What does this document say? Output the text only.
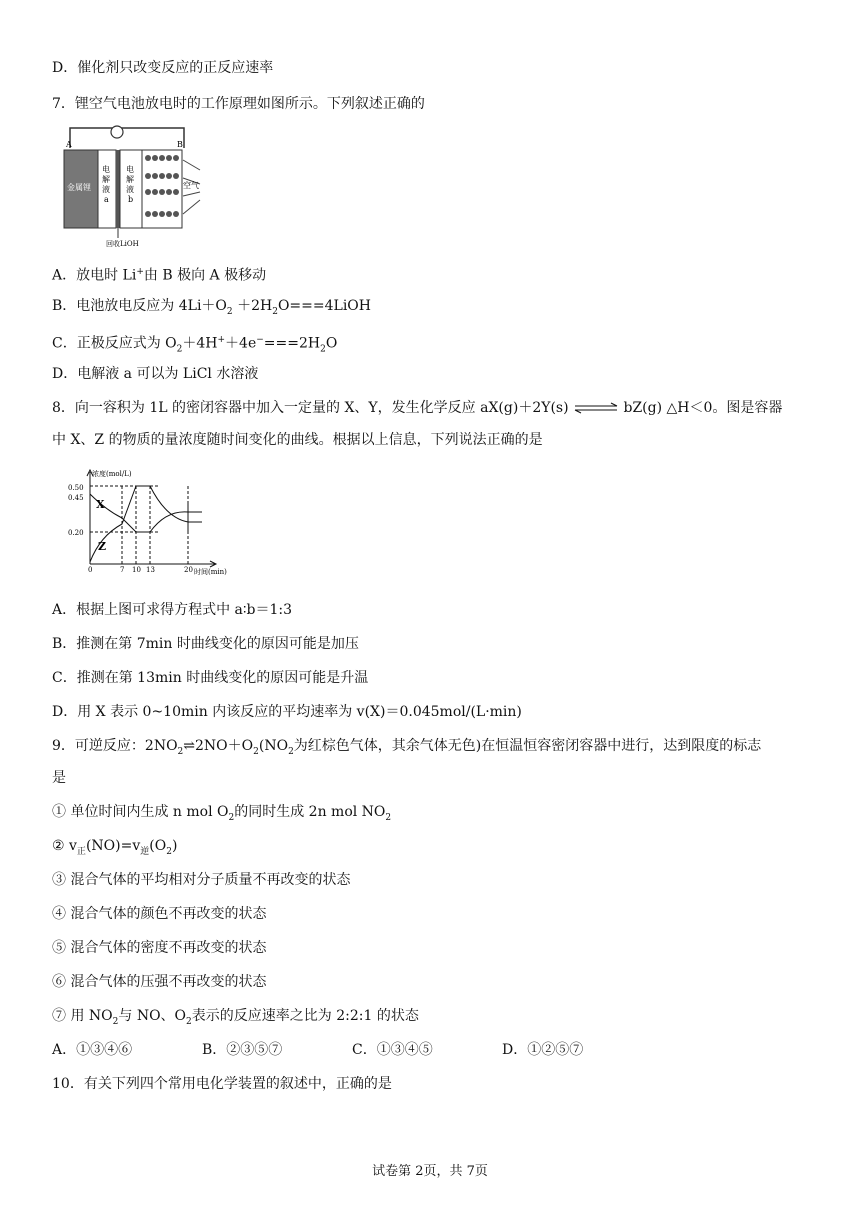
D．催化剂只改变反应的正反应速率
7．锂空气电池放电时的工作原理如图所示。下列叙述正确的
A	B
金属锂
电
解
液
a
电
解
液
b
空气
回收LiOH
A．放电时 Li+由 B 极向 A 极移动
B．电池放电反应为 $4Li+O_2$ $+2H_2O===4LiOH$
C．正极反应式为 $O_2+4H^++4e^-===2H_2O$
D．电解液 a 可以为 LiCl 水溶液
8．向一容积为 1L 的密闭容器中加入一定量的 X、Y，发生化学反应 aX(g)＋2Y(s) ⇌ bZ(g) △H＜0。图是容器
中 X、Z 的物质的量浓度随时间变化的曲线。根据以上信息，下列说法正确的是
浓度(mol/L)
时间(min)
0.50
0.45
0.20
0	7 10 13	20
X
Z
A．根据上图可求得方程式中 a∶b＝1:3
B．推测在第 7min 时曲线变化的原因可能是加压
C．推测在第 13min 时曲线变化的原因可能是升温
D．用 X 表示 0~10min 内该反应的平均速率为 v(X)＝0.045mol/(L·min)
9．可逆反应：$2NO_2\rightleftharpoons 2NO+O_2(NO_2$为红棕色气体，其余气体无色)在恒温恒容密闭容器中进行，达到限度的标志
是
① 单位时间内生成 n mol $O_2$的同时生成 2n mol $NO_2$
② $v_正(NO)=v_逆(O_2)$
③ 混合气体的平均相对分子质量不再改变的状态
④ 混合气体的颜色不再改变的状态
⑤ 混合气体的密度不再改变的状态
⑥ 混合气体的压强不再改变的状态
⑦ 用 $NO_2$与 NO、$O_2$表示的反应速率之比为 2:2:1 的状态
A．①③④⑥	B．②③⑤⑦	C．①③④⑤	D．①②⑤⑦
10．有关下列四个常用电化学装置的叙述中，正确的是
试卷第 2页，共 7页
